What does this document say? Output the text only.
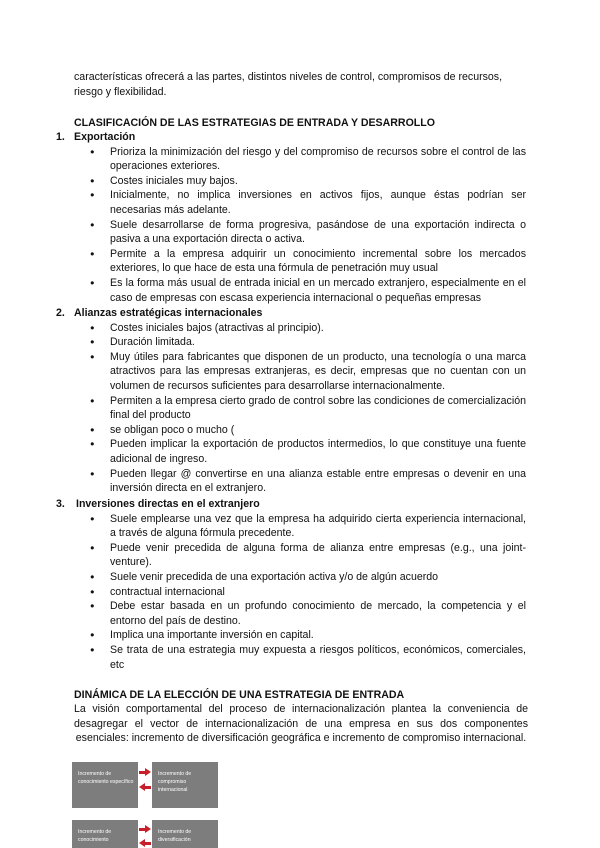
características ofrecerá a las partes, distintos niveles de control, compromisos de recursos, riesgo y flexibilidad.
CLASIFICACIÓN DE LAS ESTRATEGIAS DE ENTRADA Y DESARROLLO
1. Exportación
● Prioriza la minimización del riesgo y del compromiso de recursos sobre el control de las operaciones exteriores.
● Costes iniciales muy bajos.
● Inicialmente, no implica inversiones en activos fijos, aunque éstas podrían ser necesarias más adelante.
● Suele desarrollarse de forma progresiva, pasándose de una exportación indirecta o pasiva a una exportación directa o activa.
● Permite a la empresa adquirir un conocimiento incremental sobre los mercados exteriores, lo que hace de esta una fórmula de penetración muy usual
● Es la forma más usual de entrada inicial en un mercado extranjero, especialmente en el caso de empresas con escasa experiencia internacional o pequeñas empresas
2. Alianzas estratégicas internacionales
● Costes iniciales bajos (atractivas al principio).
● Duración limitada.
● Muy útiles para fabricantes que disponen de un producto, una tecnología o una marca atractivos para las empresas extranjeras, es decir, empresas que no cuentan con un volumen de recursos suficientes para desarrollarse internacionalmente.
● Permiten a la empresa cierto grado de control sobre las condiciones de comercialización final del producto
● se obligan poco o mucho (
● Pueden implicar la exportación de productos intermedios, lo que constituye una fuente adicional de ingreso.
● Pueden llegar @ convertirse en una alianza estable entre empresas o devenir en una inversión directa en el extranjero.
3. Inversiones directas en el extranjero
● Suele emplearse una vez que la empresa ha adquirido cierta experiencia internacional, a través de alguna fórmula precedente.
● Puede venir precedida de alguna forma de alianza entre empresas (e.g., una joint-venture).
● Suele venir precedida de una exportación activa y/o de algún acuerdo
● contractual internacional
● Debe estar basada en un profundo conocimiento de mercado, la competencia y el entorno del país de destino.
● Implica una importante inversión en capital.
● Se trata de una estrategia muy expuesta a riesgos políticos, económicos, comerciales, etc
DINÁMICA DE LA ELECCIÓN DE UNA ESTRATEGIA DE ENTRADA
La visión comportamental del proceso de internacionalización plantea la conveniencia de desagregar el vector de internacionalización de una empresa en sus dos componentes esenciales: incremento de diversificación geográfica e incremento de compromiso internacional.
Incremento de conocimiento específico
Incremento de compromiso internacional
Incremento de conocimiento
Incremento de diversificación
